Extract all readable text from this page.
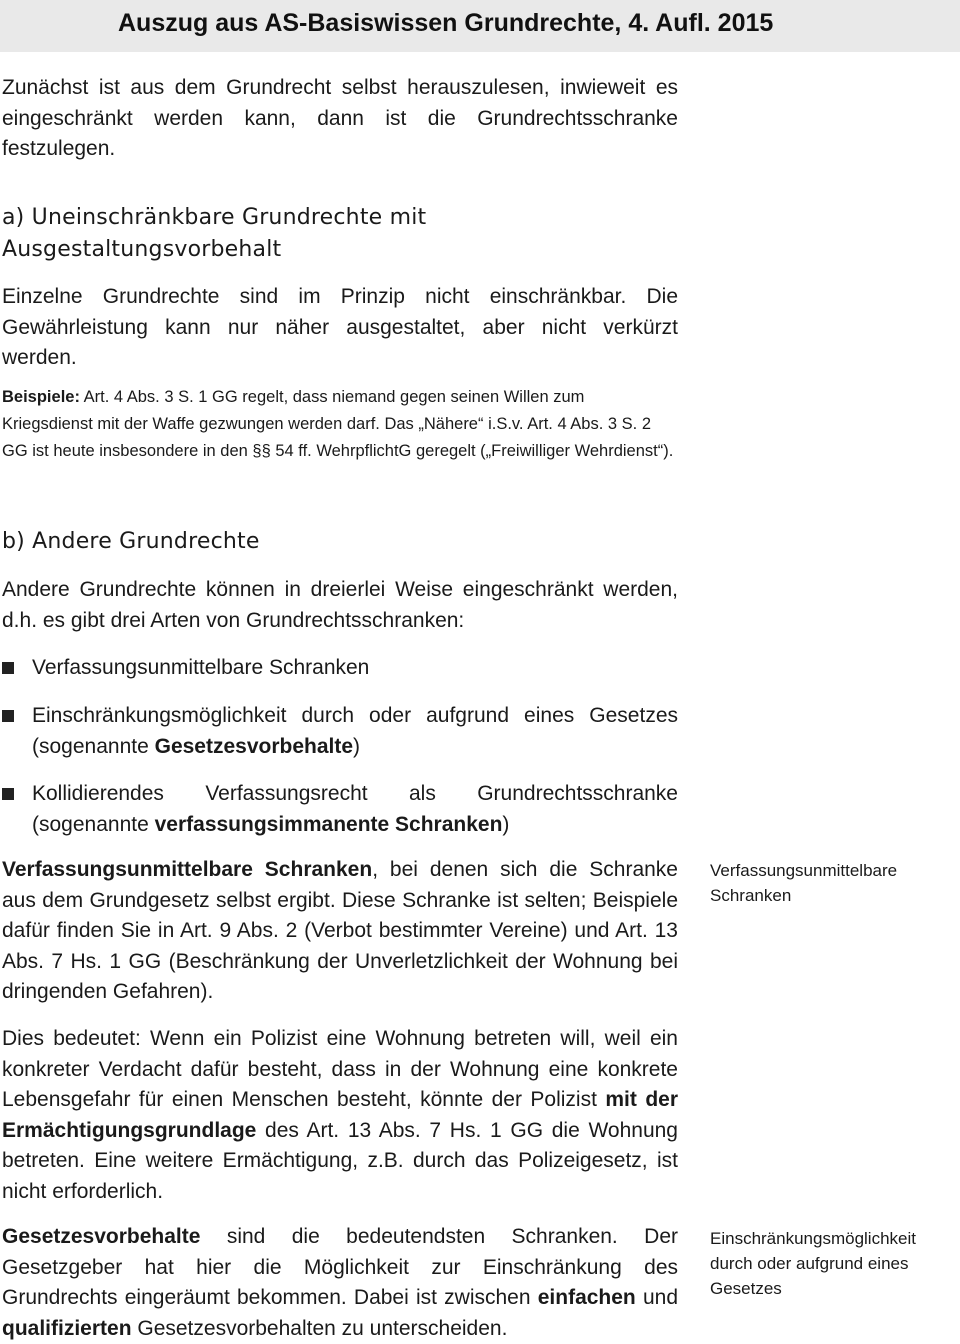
Auszug aus AS-Basiswissen Grundrechte, 4. Aufl. 2015

Zunächst ist aus dem Grundrecht selbst herauszulesen, inwieweit es eingeschränkt werden kann, dann ist die Grundrechtsschranke festzulegen.

a) Uneinschränkbare Grundrechte mit Ausgestaltungsvorbehalt

Einzelne Grundrechte sind im Prinzip nicht einschränkbar. Die Gewährleistung kann nur näher ausgestaltet, aber nicht verkürzt werden.

Beispiele: Art. 4 Abs. 3 S. 1 GG regelt, dass niemand gegen seinen Willen zum Kriegsdienst mit der Waffe gezwungen werden darf. Das „Nähere“ i.S.v. Art. 4 Abs. 3 S. 2 GG ist heute insbesondere in den §§ 54 ff. WehrpflichtG geregelt („Freiwilliger Wehrdienst“).

b) Andere Grundrechte

Andere Grundrechte können in dreierlei Weise eingeschränkt werden, d.h. es gibt drei Arten von Grundrechtsschranken:

Verfassungsunmittelbare Schranken
Einschränkungsmöglichkeit durch oder aufgrund eines Gesetzes (sogenannte Gesetzesvorbehalte)
Kollidierendes Verfassungsrecht als Grundrechtsschranke (sogenannte verfassungsimmanente Schranken)

Verfassungsunmittelbare Schranken, bei denen sich die Schranke aus dem Grundgesetz selbst ergibt. Diese Schranke ist selten; Beispiele dafür finden Sie in Art. 9 Abs. 2 (Verbot bestimmter Vereine) und Art. 13 Abs. 7 Hs. 1 GG (Beschränkung der Unverletzlichkeit der Wohnung bei dringenden Gefahren).

Verfassungsunmittelbare Schranken

Dies bedeutet: Wenn ein Polizist eine Wohnung betreten will, weil ein konkreter Verdacht dafür besteht, dass in der Wohnung eine konkrete Lebensgefahr für einen Menschen besteht, könnte der Polizist mit der Ermächtigungsgrundlage des Art. 13 Abs. 7 Hs. 1 GG die Wohnung betreten. Eine weitere Ermächtigung, z.B. durch das Polizeigesetz, ist nicht erforderlich.

Gesetzesvorbehalte sind die bedeutendsten Schranken. Der Gesetzgeber hat hier die Möglichkeit zur Einschränkung des Grundrechts eingeräumt bekommen. Dabei ist zwischen einfachen und qualifizierten Gesetzesvorbehalten zu unterscheiden.

Einschränkungsmöglichkeit durch oder aufgrund eines Gesetzes
